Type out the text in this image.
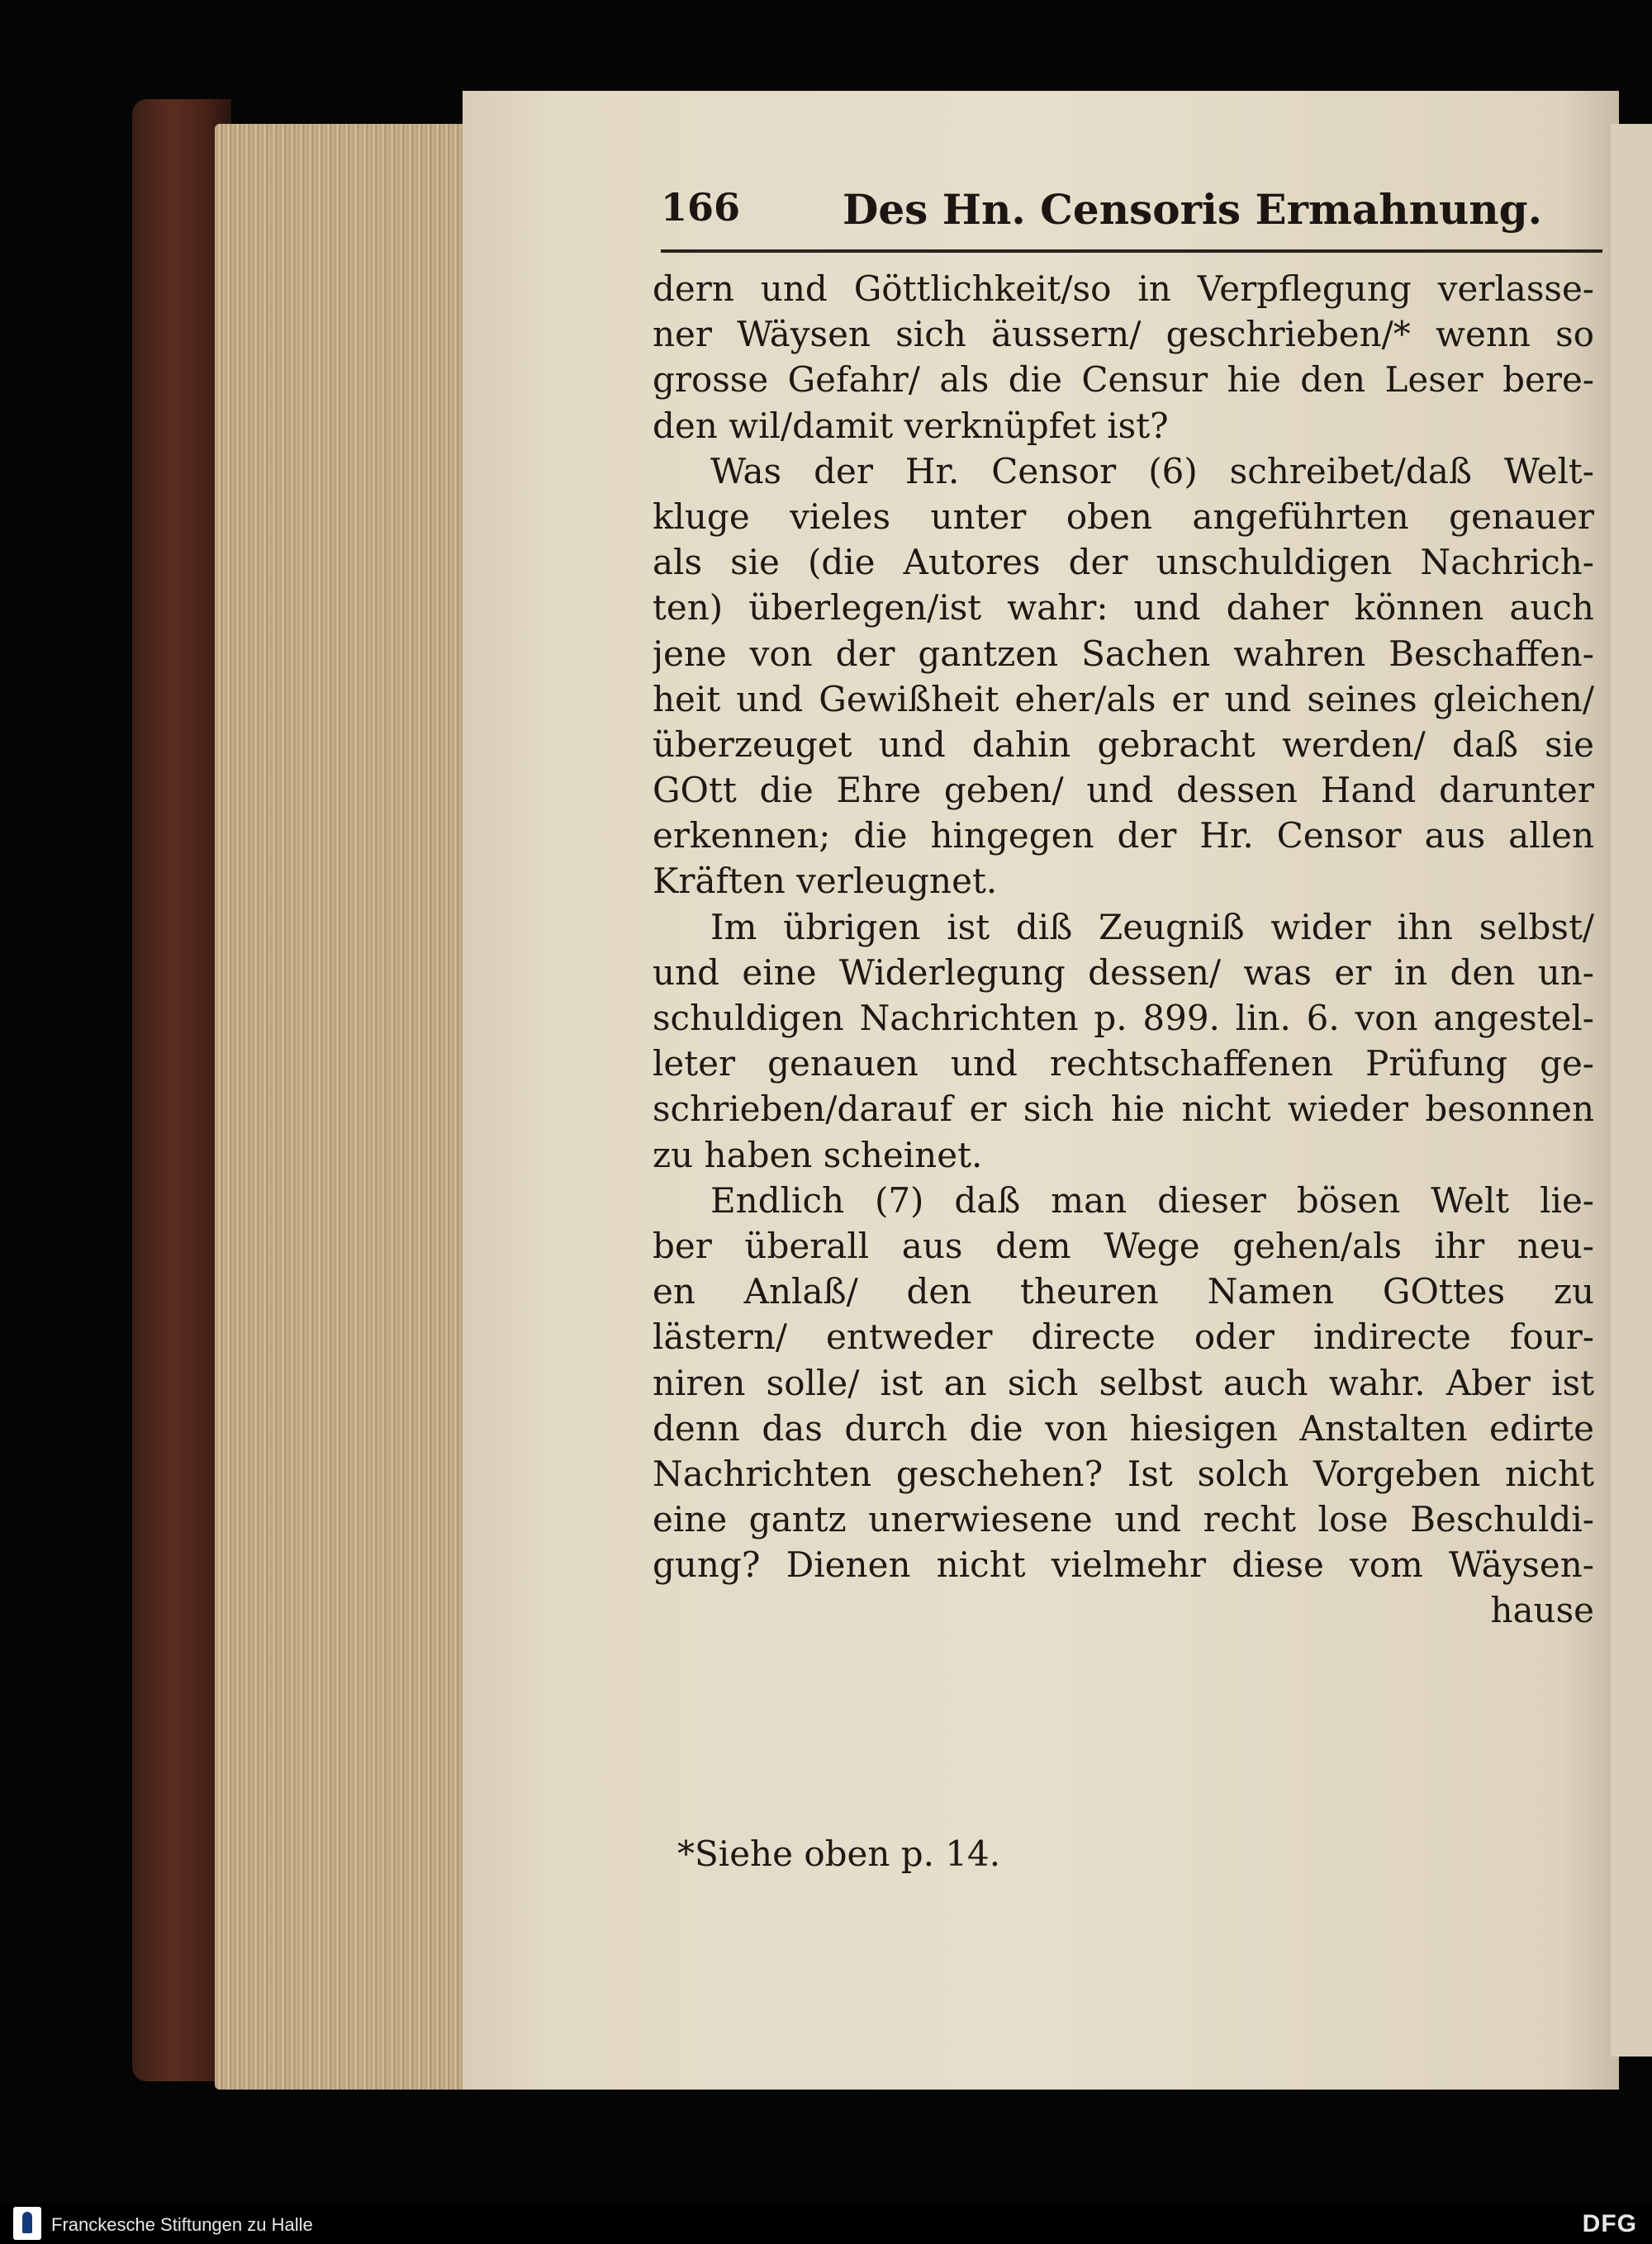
166 Des Hn. Censoris Ermahnung.
dern und Göttlichkeit/so in Verpflegung verlasse-
ner Wäysen sich äussern/ geschrieben/* wenn so
grosse Gefahr/ als die Censur hie den Leser bere-
den wil/damit verknüpfet ist?
Was der Hr. Censor (6) schreibet/daß Welt-
kluge vieles unter oben angeführten genauer
als sie (die Autores der unschuldigen Nachrich-
ten) überlegen/ist wahr: und daher können auch
jene von der gantzen Sachen wahren Beschaffen-
heit und Gewißheit eher/als er und seines gleichen/
überzeuget und dahin gebracht werden/ daß sie
GOtt die Ehre geben/ und dessen Hand darunter
erkennen; die hingegen der Hr. Censor aus allen
Kräften verleugnet.
Im übrigen ist diß Zeugniß wider ihn selbst/
und eine Widerlegung dessen/ was er in den un-
schuldigen Nachrichten p. 899. lin. 6. von angestel-
leter genauen und rechtschaffenen Prüfung ge-
schrieben/darauf er sich hie nicht wieder besonnen
zu haben scheinet.
Endlich (7) daß man dieser bösen Welt lie-
ber überall aus dem Wege gehen/als ihr neu-
en Anlaß/ den theuren Namen GOttes zu
lästern/ entweder directe oder indirecte four-
niren solle/ ist an sich selbst auch wahr. Aber ist
denn das durch die von hiesigen Anstalten edirte
Nachrichten geschehen? Ist solch Vorgeben nicht
eine gantz unerwiesene und recht lose Beschuldi-
gung? Dienen nicht vielmehr diese vom Wäysen-
hause
*Siehe oben p. 14.
Franckesche Stiftungen zu Halle	DFG
